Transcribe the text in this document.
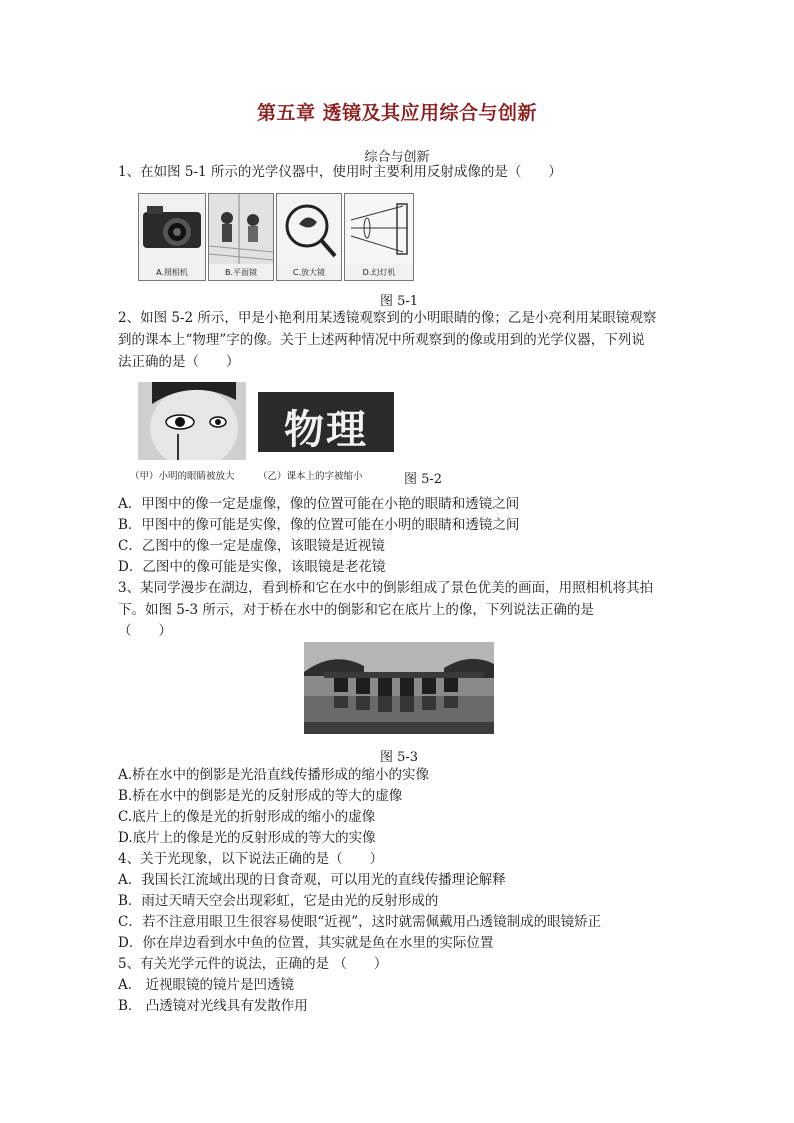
第五章 透镜及其应用综合与创新
综合与创新
1、在如图 5-1 所示的光学仪器中，使用时主要利用反射成像的是（　　）
A.照相机	B.平面镜	C.放大镜	D.幻灯机
图 5-1
2、如图 5-2 所示，甲是小艳利用某透镜观察到的小明眼睛的像；乙是小亮利用某眼镜观察
到的课本上“物理”字的像。关于上述两种情况中所观察到的像或用到的光学仪器，下列说
法正确的是（　　）
物理
（甲）小明的眼睛被放大 （乙）课本上的字被缩小	图 5-2
A．甲图中的像一定是虚像，像的位置可能在小艳的眼睛和透镜之间
B．甲图中的像可能是实像，像的位置可能在小明的眼睛和透镜之间
C．乙图中的像一定是虚像，该眼镜是近视镜
D．乙图中的像可能是实像，该眼镜是老花镜
3、某同学漫步在湖边，看到桥和它在水中的倒影组成了景色优美的画面，用照相机将其拍
下。如图 5-3 所示，对于桥在水中的倒影和它在底片上的像，下列说法正确的是
（　　）
图 5-3
A.桥在水中的倒影是光沿直线传播形成的缩小的实像
B.桥在水中的倒影是光的反射形成的等大的虚像
C.底片上的像是光的折射形成的缩小的虚像
D.底片上的像是光的反射形成的等大的实像
4、关于光现象，以下说法正确的是（　　）
A．我国长江流域出现的日食奇观，可以用光的直线传播理论解释
B．雨过天晴天空会出现彩虹，它是由光的反射形成的
C．若不注意用眼卫生很容易使眼“近视”，这时就需佩戴用凸透镜制成的眼镜矫正
D．你在岸边看到水中鱼的位置，其实就是鱼在水里的实际位置
5、有关光学元件的说法，正确的是 （　　）
A． 近视眼镜的镜片是凹透镜
B． 凸透镜对光线具有发散作用
